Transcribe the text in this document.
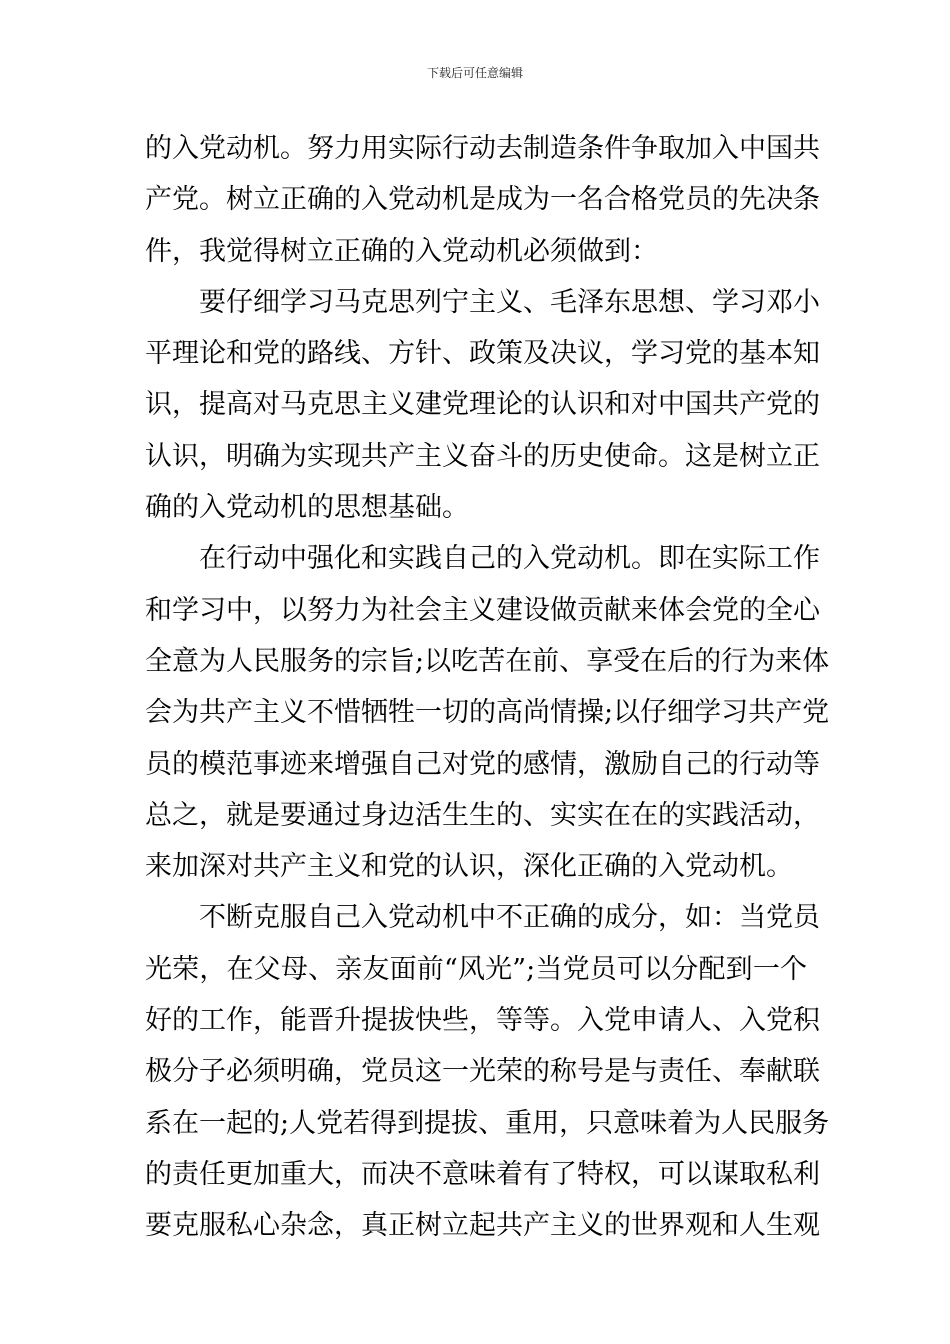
下载后可任意编辑
的入党动机。努力用实际行动去制造条件争取加入中国共
产党。树立正确的入党动机是成为一名合格党员的先决条
件，我觉得树立正确的入党动机必须做到：
要仔细学习马克思列宁主义、毛泽东思想、学习邓小
平理论和党的路线、方针、政策及决议，学习党的基本知
识，提高对马克思主义建党理论的认识和对中国共产党的
认识，明确为实现共产主义奋斗的历史使命。这是树立正
确的入党动机的思想基础。
在行动中强化和实践自己的入党动机。即在实际工作
和学习中，以努力为社会主义建设做贡献来体会党的全心
全意为人民服务的宗旨;以吃苦在前、享受在后的行为来体
会为共产主义不惜牺牲一切的高尚情操;以仔细学习共产党
员的模范事迹来增强自己对党的感情，激励自己的行动等
总之，就是要通过身边活生生的、实实在在的实践活动，
来加深对共产主义和党的认识，深化正确的入党动机。
不断克服自己入党动机中不正确的成分，如：当党员
光荣，在父母、亲友面前“风光”;当党员可以分配到一个
好的工作，能晋升提拔快些，等等。入党申请人、入党积
极分子必须明确，党员这一光荣的称号是与责任、奉献联
系在一起的;人党若得到提拔、重用，只意味着为人民服务
的责任更加重大，而决不意味着有了特权，可以谋取私利
要克服私心杂念，真正树立起共产主义的世界观和人生观
